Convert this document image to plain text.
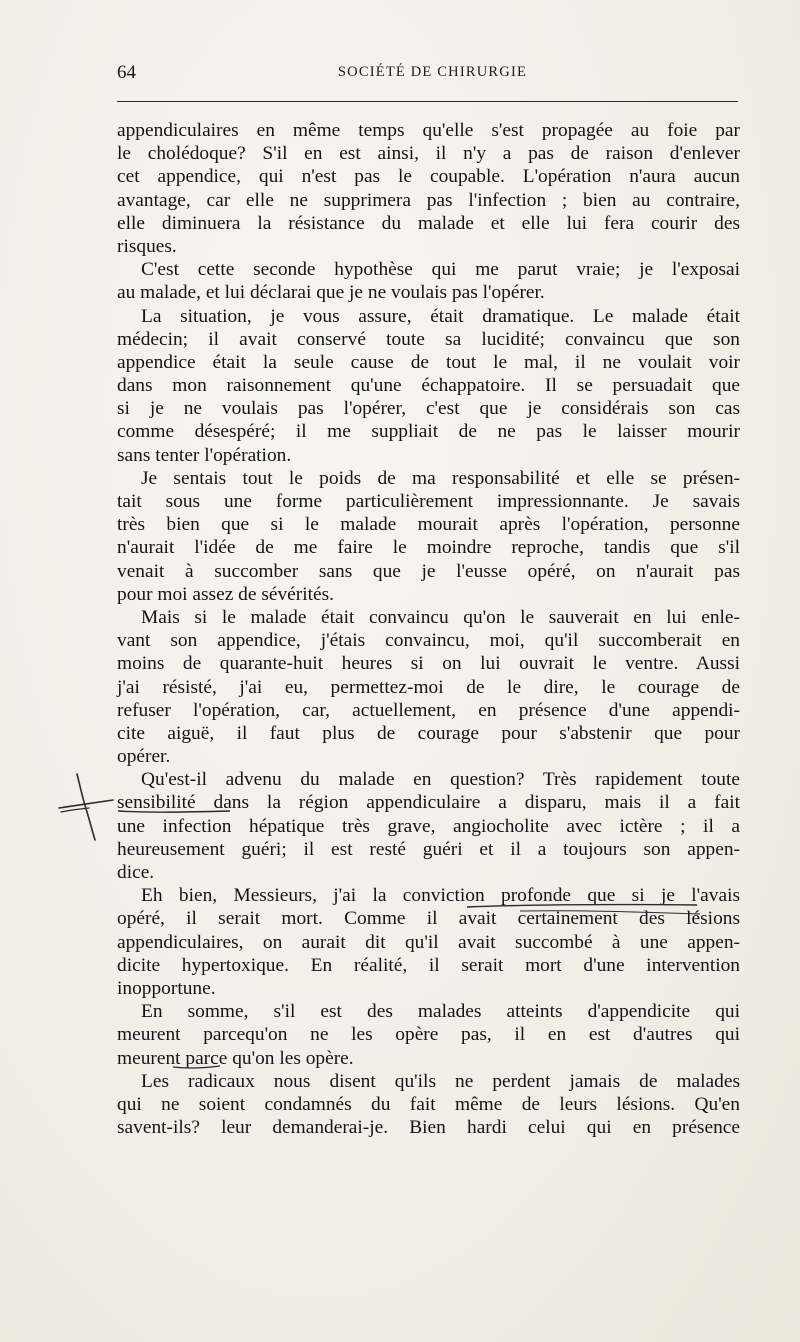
64	SOCIÉTÉ DE CHIRURGIE
appendiculaires en même temps qu'elle s'est propagée au foie par
le cholédoque? S'il en est ainsi, il n'y a pas de raison d'enlever
cet appendice, qui n'est pas le coupable. L'opération n'aura aucun
avantage, car elle ne supprimera pas l'infection ; bien au contraire,
elle diminuera la résistance du malade et elle lui fera courir des
risques.
C'est cette seconde hypothèse qui me parut vraie; je l'exposai
au malade, et lui déclarai que je ne voulais pas l'opérer.
La situation, je vous assure, était dramatique. Le malade était
médecin; il avait conservé toute sa lucidité; convaincu que son
appendice était la seule cause de tout le mal, il ne voulait voir
dans mon raisonnement qu'une échappatoire. Il se persuadait que
si je ne voulais pas l'opérer, c'est que je considérais son cas
comme désespéré; il me suppliait de ne pas le laisser mourir
sans tenter l'opération.
Je sentais tout le poids de ma responsabilité et elle se présen-
tait sous une forme particulièrement impressionnante. Je savais
très bien que si le malade mourait après l'opération, personne
n'aurait l'idée de me faire le moindre reproche, tandis que s'il
venait à succomber sans que je l'eusse opéré, on n'aurait pas
pour moi assez de sévérités.
Mais si le malade était convaincu qu'on le sauverait en lui enle-
vant son appendice, j'étais convaincu, moi, qu'il succomberait en
moins de quarante-huit heures si on lui ouvrait le ventre. Aussi
j'ai résisté, j'ai eu, permettez-moi de le dire, le courage de
refuser l'opération, car, actuellement, en présence d'une appendi-
cite aiguë, il faut plus de courage pour s'abstenir que pour
opérer.
Qu'est-il advenu du malade en question? Très rapidement toute
sensibilité dans la région appendiculaire a disparu, mais il a fait
une infection hépatique très grave, angiocholite avec ictère ; il a
heureusement guéri; il est resté guéri et il a toujours son appen-
dice.
Eh bien, Messieurs, j'ai la conviction profonde que si je l'avais
opéré, il serait mort. Comme il avait certainement des lésions
appendiculaires, on aurait dit qu'il avait succombé à une appen-
dicite hypertoxique. En réalité, il serait mort d'une intervention
inopportune.
En somme, s'il est des malades atteints d'appendicite qui
meurent parcequ'on ne les opère pas, il en est d'autres qui
meurent parce qu'on les opère.
Les radicaux nous disent qu'ils ne perdent jamais de malades
qui ne soient condamnés du fait même de leurs lésions. Qu'en
savent-ils? leur demanderai-je. Bien hardi celui qui en présence
